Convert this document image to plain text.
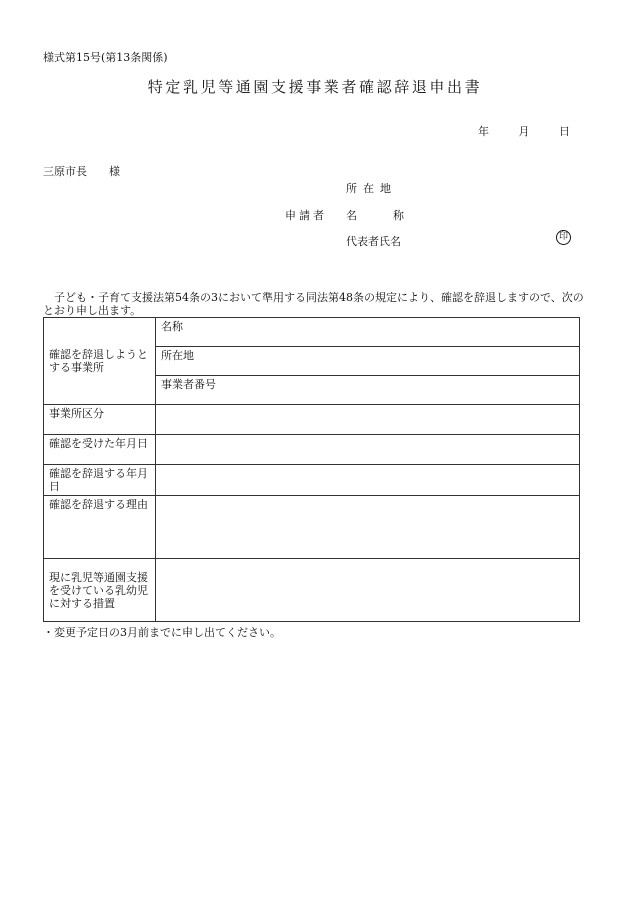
様式第15号(第13条関係)
特定乳児等通園支援事業者確認辞退申出書
年	月	日
三原市長 様
所在地
申請者 名	称
代表者氏名	印
子ども・子育て支援法第54条の3において準用する同法第48条の規定により、確認を辞退しますので、次のとおり申し出ます。
確認を辞退しようとする事業所	名称
	所在地
	事業者番号
事業所区分	
確認を受けた年月日	
確認を辞退する年月日	
確認を辞退する理由	
現に乳児等通園支援を受けている乳幼児に対する措置	
・変更予定日の3月前までに申し出てください。
